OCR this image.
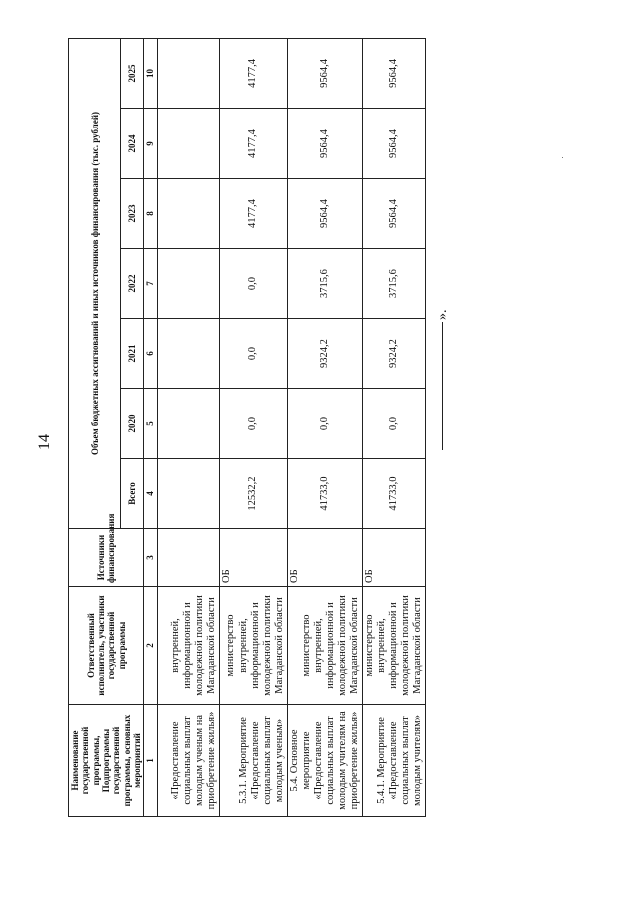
14
Наименование государственной программы, Подпрограммы государственной программы, основных мероприятий	Ответственный исполнитель, участники государственной программы	Источники финансирования	Объем бюджетных ассигнований и иных источников финансирования (тыс. рублей)						
			Всего	2020	2021	2022	2023	2024	2025
1	2	3	4	5	6	7	8	9	10
«Предоставление социальных выплат молодым ученым на приобретение жилья»	внутренней, информационной и молодежной политики Магаданской области								
5.3.1. Мероприятие «Предоставление социальных выплат молодым ученым»	министерство внутренней, информационной и молодежной политики Магаданской области	ОБ	12532,2	0,0	0,0	0,0	4177,4	4177,4	4177,4
5.4. Основное мероприятие «Предоставление социальных выплат молодым учителям на приобретение жилья»	министерство внутренней, информационной и молодежной политики Магаданской области	ОБ	41733,0	0,0	9324,2	3715,6	9564,4	9564,4	9564,4
5.4.1. Мероприятие «Предоставление социальных выплат молодым учителям»	министерство внутренней, информационной и молодежной политики Магаданской области	ОБ	41733,0	0,0	9324,2	3715,6	9564,4	9564,4	9564,4
».
